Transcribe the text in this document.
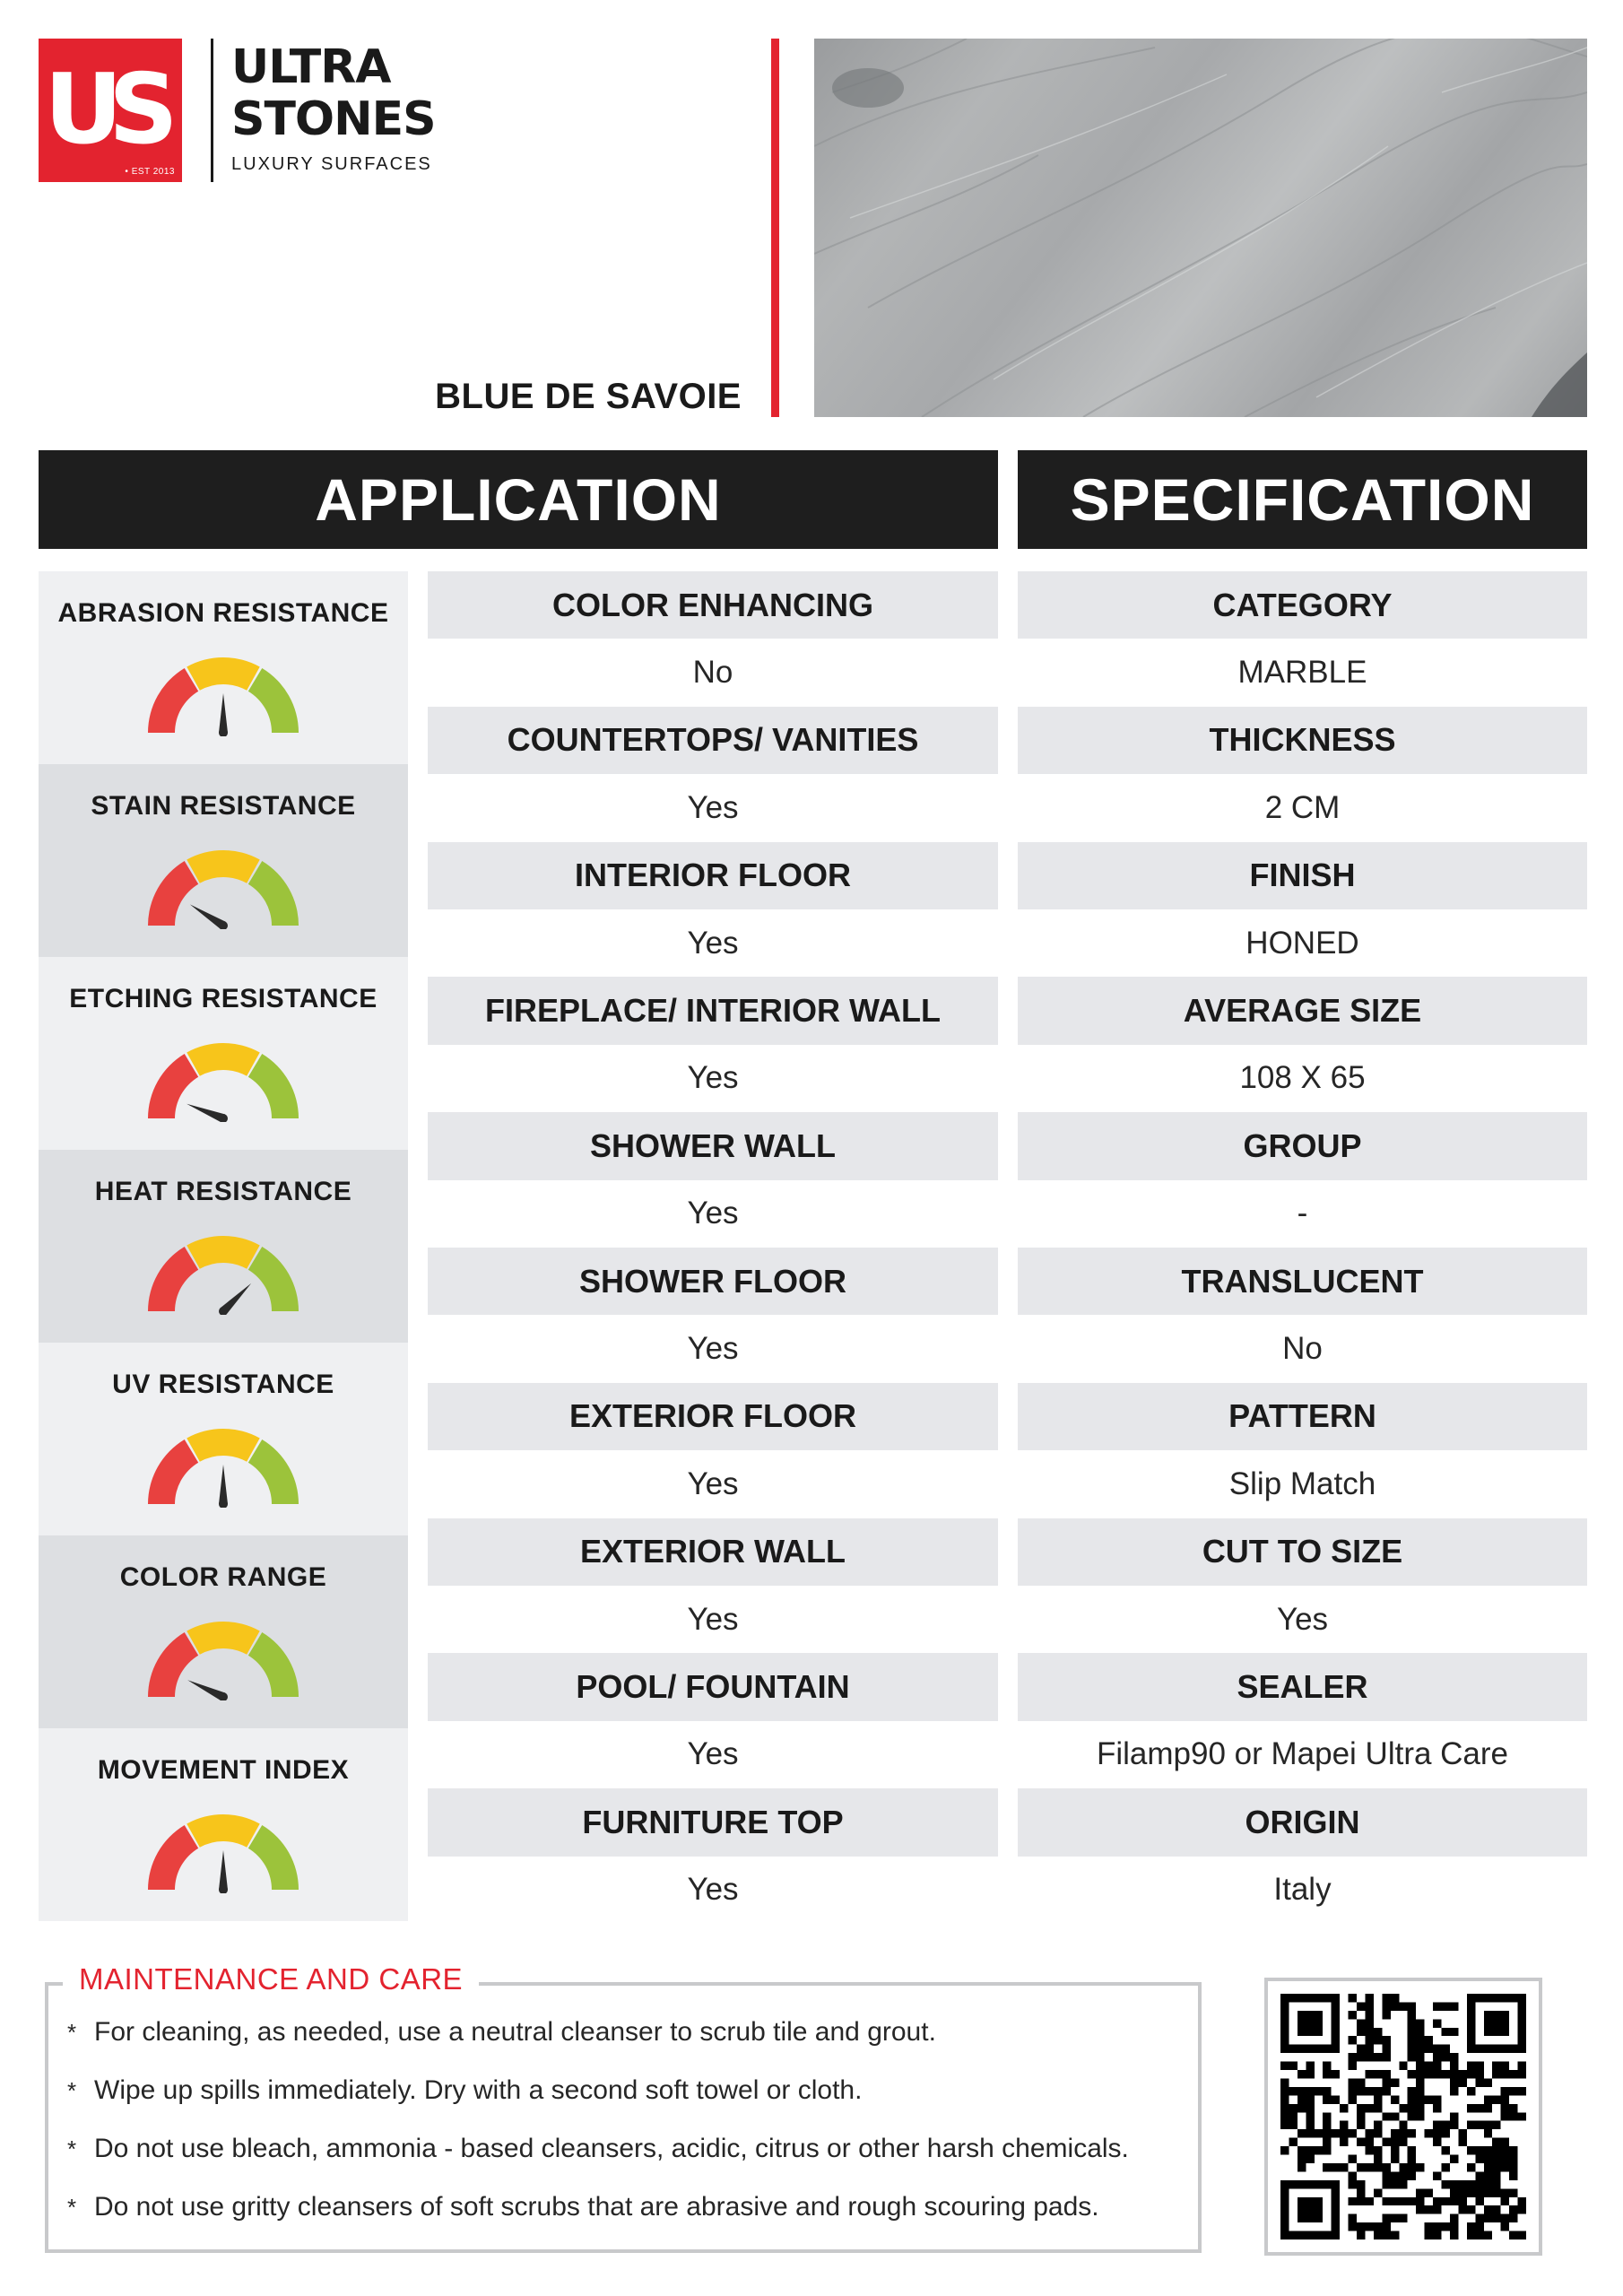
US
• EST 2013
ULTRA
STONES
LUXURY SURFACES
BLUE DE SAVOIE
APPLICATION	SPECIFICATION
ABRASION RESISTANCE
STAIN RESISTANCE
ETCHING RESISTANCE
HEAT RESISTANCE
UV RESISTANCE
COLOR RANGE
MOVEMENT INDEX
COLOR ENHANCING
No
COUNTERTOPS/ VANITIES
Yes
INTERIOR FLOOR
Yes
FIREPLACE/ INTERIOR WALL
Yes
SHOWER WALL
Yes
SHOWER FLOOR
Yes
EXTERIOR FLOOR
Yes
EXTERIOR WALL
Yes
POOL/ FOUNTAIN
Yes
FURNITURE TOP
Yes
CATEGORY
MARBLE
THICKNESS
2 CM
FINISH
HONED
AVERAGE SIZE
108 X 65
GROUP
-
TRANSLUCENT
No
PATTERN
Slip Match
CUT TO SIZE
Yes
SEALER
Filamp90 or Mapei Ultra Care
ORIGIN
Italy
MAINTENANCE AND CARE
* For cleaning, as needed, use a neutral cleanser to scrub tile and grout.
* Wipe up spills immediately. Dry with a second soft towel or cloth.
* Do not use bleach, ammonia - based cleansers, acidic, citrus or other harsh chemicals.
* Do not use gritty cleansers of soft scrubs that are abrasive and rough scouring pads.
